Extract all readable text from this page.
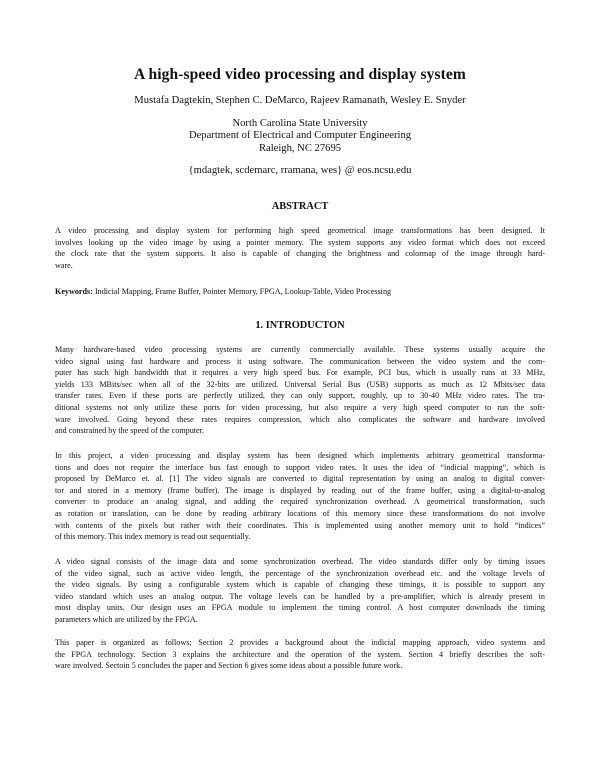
A high-speed video processing and display system
Mustafa Dagtekin, Stephen C. DeMarco, Rajeev Ramanath, Wesley E. Snyder
North Carolina State University
Department of Electrical and Computer Engineering
Raleigh, NC 27695
{mdagtek, scdemarc, rramana, wes} @ eos.ncsu.edu
ABSTRACT
A video processing and display system for performing high speed geometrical image transformations has been designed. It
involves looking up the video image by using a pointer memory. The system supports any video format which does not exceed
the clock rate that the system supports. It also is capable of changing the brightness and colormap of the image through hard-
ware.
Keywords: Indicial Mapping, Frame Buffer, Pointer Memory, FPGA, Lookup-Table, Video Processing
1. INTRODUCTON
Many hardware-based video processing systems are currently commercially available. These systems usually acquire the
video signal using fast hardware and process it using software. The communication between the video system and the com-
puter has such high bandwidth that it requires a very high speed bus. For example, PCI bus, which is usually runs at 33 MHz,
yields 133 MBits/sec when all of the 32-bits are utilized. Universal Serial Bus (USB) supports as much as 12 Mbits/sec data
transfer rates. Even if these ports are perfectly utilized, they can only support, roughly, up to 30-40 MHz video rates. The tra-
ditional systems not only utilize these ports for video processing, but also require a very high speed computer to run the soft-
ware involved. Going beyond these rates requires compression, which also complicates the software and hardware involved
and constrained by the speed of the computer.
In this project, a video processing and display system has been designed which implements arbitrary geometrical transforma-
tions and does not require the interface bus fast enough to support video rates. It uses the idea of “indicial mapping”, which is
proposed by DeMarco et. al. [1] The video signals are converted to digital representation by using an analog to digital conver-
tor and stored in a memory (frame buffer). The image is displayed by reading out of the frame buffer, using a digital-to-analog
converter to produce an analog signal, and adding the required synchronization overhead. A geometrical transformation, such
as rotation or translation, can be done by reading arbitrary locations of this memory since these transformations do not involve
with contents of the pixels but rather with their coordinates. This is implemented using another memory unit to hold “indices”
of this memory. This index memory is read out sequentially.
A video signal consists of the image data and some synchronization overhead. The video standards differ only by timing issues
of the video signal, such as active video length, the percentage of the synchronization overhead etc. and the voltage levels of
the video signals. By using a configurable system which is capable of changing these timings, it is possible to support any
video standard which uses an analog output. The voltage levels can be handled by a pre-amplifier, which is already present in
most display units. Our design uses an FPGA module to implement the timing control. A host computer downloads the timing
parameters which are utilized by the FPGA.
This paper is organized as follows; Section 2 provides a background about the indicial mapping approach, video systems and
the FPGA technology. Section 3 explains the architecture and the operation of the system. Section 4 briefly describes the soft-
ware involved. Sectoin 5 concludes the paper and Section 6 gives some ideas about a possible future work.
